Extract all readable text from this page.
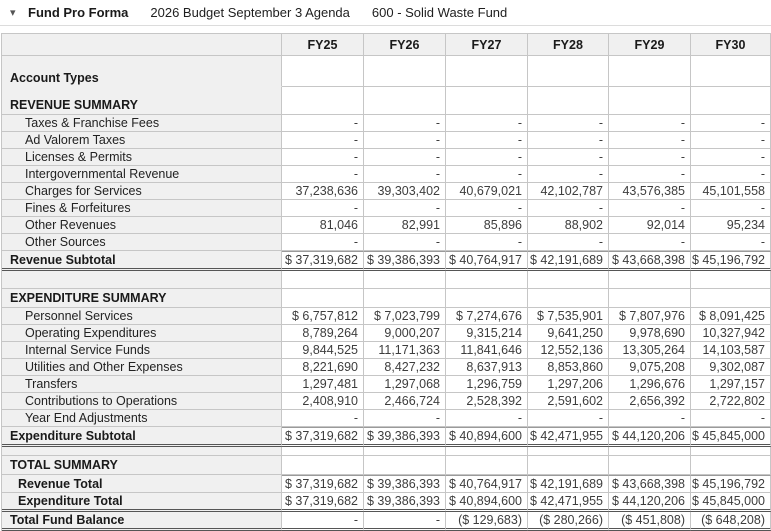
▾ Fund Pro Forma 2026 Budget September 3 Agenda 600 - Solid Waste Fund
	FY25	FY26	FY27	FY28	FY29	FY30
Account Types						
REVENUE SUMMARY						
Taxes & Franchise Fees	-	-	-	-	-	-
Ad Valorem Taxes	-	-	-	-	-	-
Licenses & Permits	-	-	-	-	-	-
Intergovernmental Revenue	-	-	-	-	-	-
Charges for Services	37,238,636	39,303,402	40,679,021	42,102,787	43,576,385	45,101,558
Fines & Forfeitures	-	-	-	-	-	-
Other Revenues	81,046	82,991	85,896	88,902	92,014	95,234
Other Sources	-	-	-	-	-	-
Revenue Subtotal	$ 37,319,682	$ 39,386,393	$ 40,764,917	$ 42,191,689	$ 43,668,398	$ 45,196,792

EXPENDITURE SUMMARY						
Personnel Services	$ 6,757,812	$ 7,023,799	$ 7,274,676	$ 7,535,901	$ 7,807,976	$ 8,091,425
Operating Expenditures	8,789,264	9,000,207	9,315,214	9,641,250	9,978,690	10,327,942
Internal Service Funds	9,844,525	11,171,363	11,841,646	12,552,136	13,305,264	14,103,587
Utilities and Other Expenses	8,221,690	8,427,232	8,637,913	8,853,860	9,075,208	9,302,087
Transfers	1,297,481	1,297,068	1,296,759	1,297,206	1,296,676	1,297,157
Contributions to Operations	2,408,910	2,466,724	2,528,392	2,591,602	2,656,392	2,722,802
Year End Adjustments	-	-	-	-	-	-
Expenditure Subtotal	$ 37,319,682	$ 39,386,393	$ 40,894,600	$ 42,471,955	$ 44,120,206	$ 45,845,000

TOTAL SUMMARY						
Revenue Total	$ 37,319,682	$ 39,386,393	$ 40,764,917	$ 42,191,689	$ 43,668,398	$ 45,196,792
Expenditure Total	$ 37,319,682	$ 39,386,393	$ 40,894,600	$ 42,471,955	$ 44,120,206	$ 45,845,000
Total Fund Balance	-	-	($ 129,683)	($ 280,266)	($ 451,808)	($ 648,208)
